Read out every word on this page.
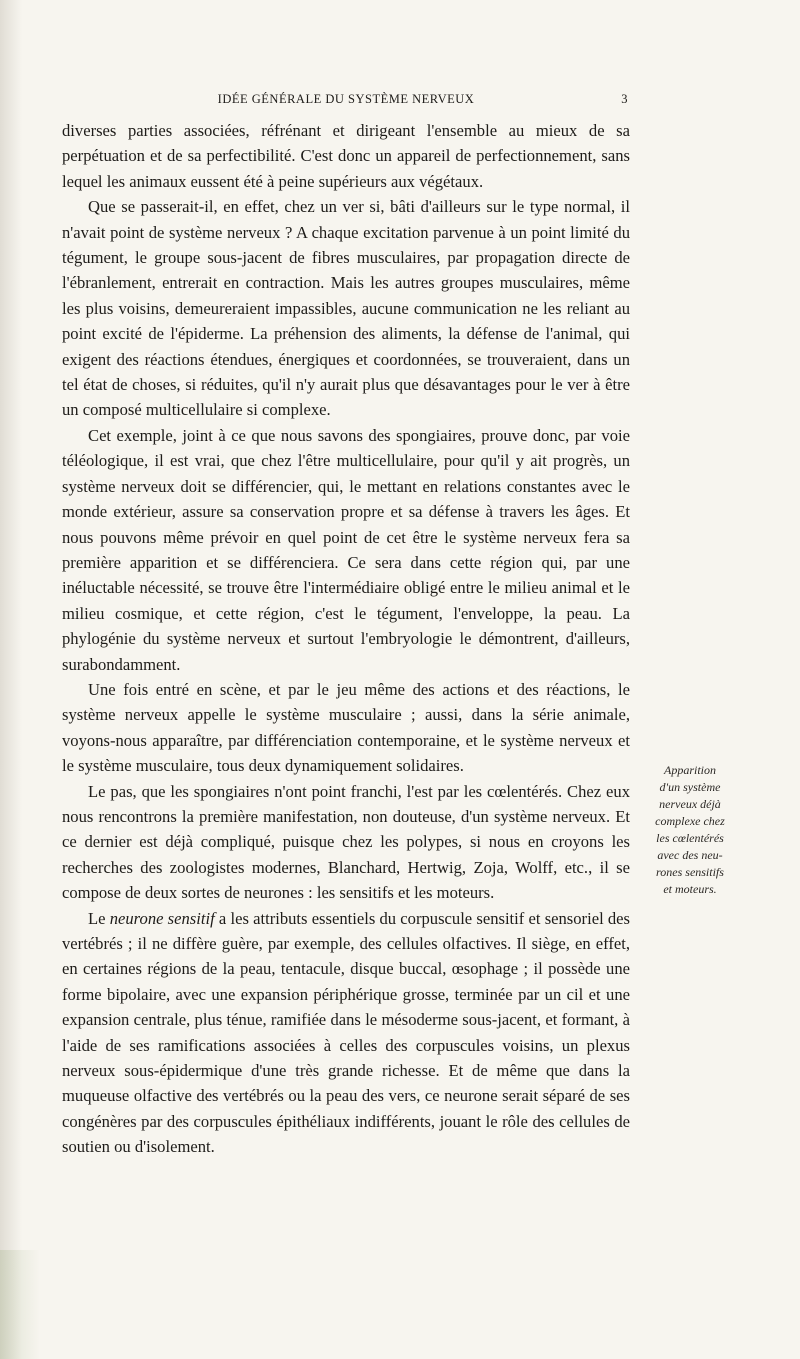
IDÉE GÉNÉRALE DU SYSTÈME NERVEUX	3

diverses parties associées, réfrénant et dirigeant l'ensemble au mieux de sa perpétuation et de sa perfectibilité. C'est donc un appareil de perfectionnement, sans lequel les animaux eussent été à peine supérieurs aux végétaux.

Que se passerait-il, en effet, chez un ver si, bâti d'ailleurs sur le type normal, il n'avait point de système nerveux ? A chaque excitation parvenue à un point limité du tégument, le groupe sous-jacent de fibres musculaires, par propagation directe de l'ébranlement, entrerait en contraction. Mais les autres groupes musculaires, même les plus voisins, demeureraient impassibles, aucune communication ne les reliant au point excité de l'épiderme. La préhension des aliments, la défense de l'animal, qui exigent des réactions étendues, énergiques et coordonnées, se trouveraient, dans un tel état de choses, si réduites, qu'il n'y aurait plus que désavantages pour le ver à être un composé multicellulaire si complexe.

Cet exemple, joint à ce que nous savons des spongiaires, prouve donc, par voie téléologique, il est vrai, que chez l'être multicellulaire, pour qu'il y ait progrès, un système nerveux doit se différencier, qui, le mettant en relations constantes avec le monde extérieur, assure sa conservation propre et sa défense à travers les âges. Et nous pouvons même prévoir en quel point de cet être le système nerveux fera sa première apparition et se différenciera. Ce sera dans cette région qui, par une inéluctable nécessité, se trouve être l'intermédiaire obligé entre le milieu animal et le milieu cosmique, et cette région, c'est le tégument, l'enveloppe, la peau. La phylogénie du système nerveux et surtout l'embryologie le démontrent, d'ailleurs, surabondamment.

Une fois entré en scène, et par le jeu même des actions et des réactions, le système nerveux appelle le système musculaire ; aussi, dans la série animale, voyons-nous apparaître, par différenciation contemporaine, et le système nerveux et le système musculaire, tous deux dynamiquement solidaires.

Le pas, que les spongiaires n'ont point franchi, l'est par les cœlentérés. Chez eux nous rencontrons la première manifestation, non douteuse, d'un système nerveux. Et ce dernier est déjà compliqué, puisque chez les polypes, si nous en croyons les recherches des zoologistes modernes, Blanchard, Hertwig, Zoja, Wolff, etc., il se compose de deux sortes de neurones : les sensitifs et les moteurs.

Le neurone sensitif a les attributs essentiels du corpuscule sensitif et sensoriel des vertébrés ; il ne diffère guère, par exemple, des cellules olfactives. Il siège, en effet, en certaines régions de la peau, tentacule, disque buccal, œsophage ; il possède une forme bipolaire, avec une expansion périphérique grosse, terminée par un cil et une expansion centrale, plus ténue, ramifiée dans le mésoderme sous-jacent, et formant, à l'aide de ses ramifications associées à celles des corpuscules voisins, un plexus nerveux sous-épidermique d'une très grande richesse. Et de même que dans la muqueuse olfactive des vertébrés ou la peau des vers, ce neurone serait séparé de ses congénères par des corpuscules épithéliaux indifférents, jouant le rôle des cellules de soutien ou d'isolement.

Apparition
d'un système
nerveux déjà
complexe chez
les cœlentérés
avec des neu-
rones sensitifs
et moteurs.
